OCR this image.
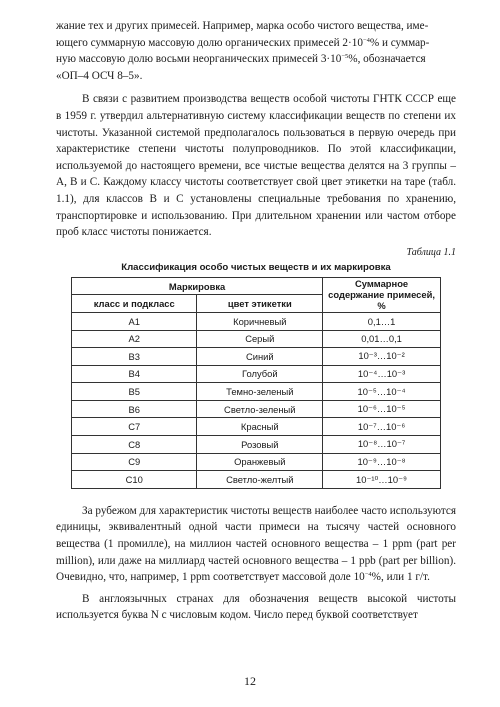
жание тех и других примесей. Например, марка особо чистого вещества, име-
ющего суммарную массовую долю органических примесей $2\cdot 10^{-4}\%$ и суммар-
ную массовую долю восьми неорганических примесей $3\cdot 10^{-5}\%$, обозначается
«ОП–4 ОСЧ 8–5».

В связи с развитием производства веществ особой чистоты ГНТК СССР еще в 1959 г. утвердил альтернативную систему классификации веществ по степени их чистоты. Указанной системой предполагалось пользоваться в первую очередь при характеристике степени чистоты полупроводников. По этой классификации, используемой до настоящего времени, все чистые вещества делятся на 3 группы – А, В и С. Каждому классу чистоты соответствует свой цвет этикетки на таре (табл. 1.1), для классов B и C установлены специальные требования по хранению, транспортировке и использованию. При длительном хранении или частом отборе проб класс чистоты понижается.

Таблица 1.1
Классификация особо чистых веществ и их маркировка
Маркировка		Суммарное
содержание примесей, %
класс и подкласс	цвет этикетки	
A1	Коричневый	0,1…1
A2	Серый	0,01…0,1
B3	Синий	10⁻³…10⁻²
B4	Голубой	10⁻⁴…10⁻³
B5	Темно-зеленый	10⁻⁵…10⁻⁴
B6	Светло-зеленый	10⁻⁶…10⁻⁵
C7	Красный	10⁻⁷…10⁻⁶
C8	Розовый	10⁻⁸…10⁻⁷
C9	Оранжевый	10⁻⁹…10⁻⁸
C10	Светло-желтый	10⁻¹⁰…10⁻⁹

За рубежом для характеристик чистоты веществ наиболее часто используются единицы, эквивалентный одной части примеси на тысячу частей основного вещества (1 промилле), на миллион частей основного вещества – 1 ppm (part per million), или даже на миллиард частей основного вещества – 1 ppb (part per billion). Очевидно, что, например, 1 ppm соответствует массовой доле $10^{-4}\%$, или 1 г/т.

В англоязычных странах для обозначения веществ высокой чистоты используется буква N с числовым кодом. Число перед буквой соответствует

12
